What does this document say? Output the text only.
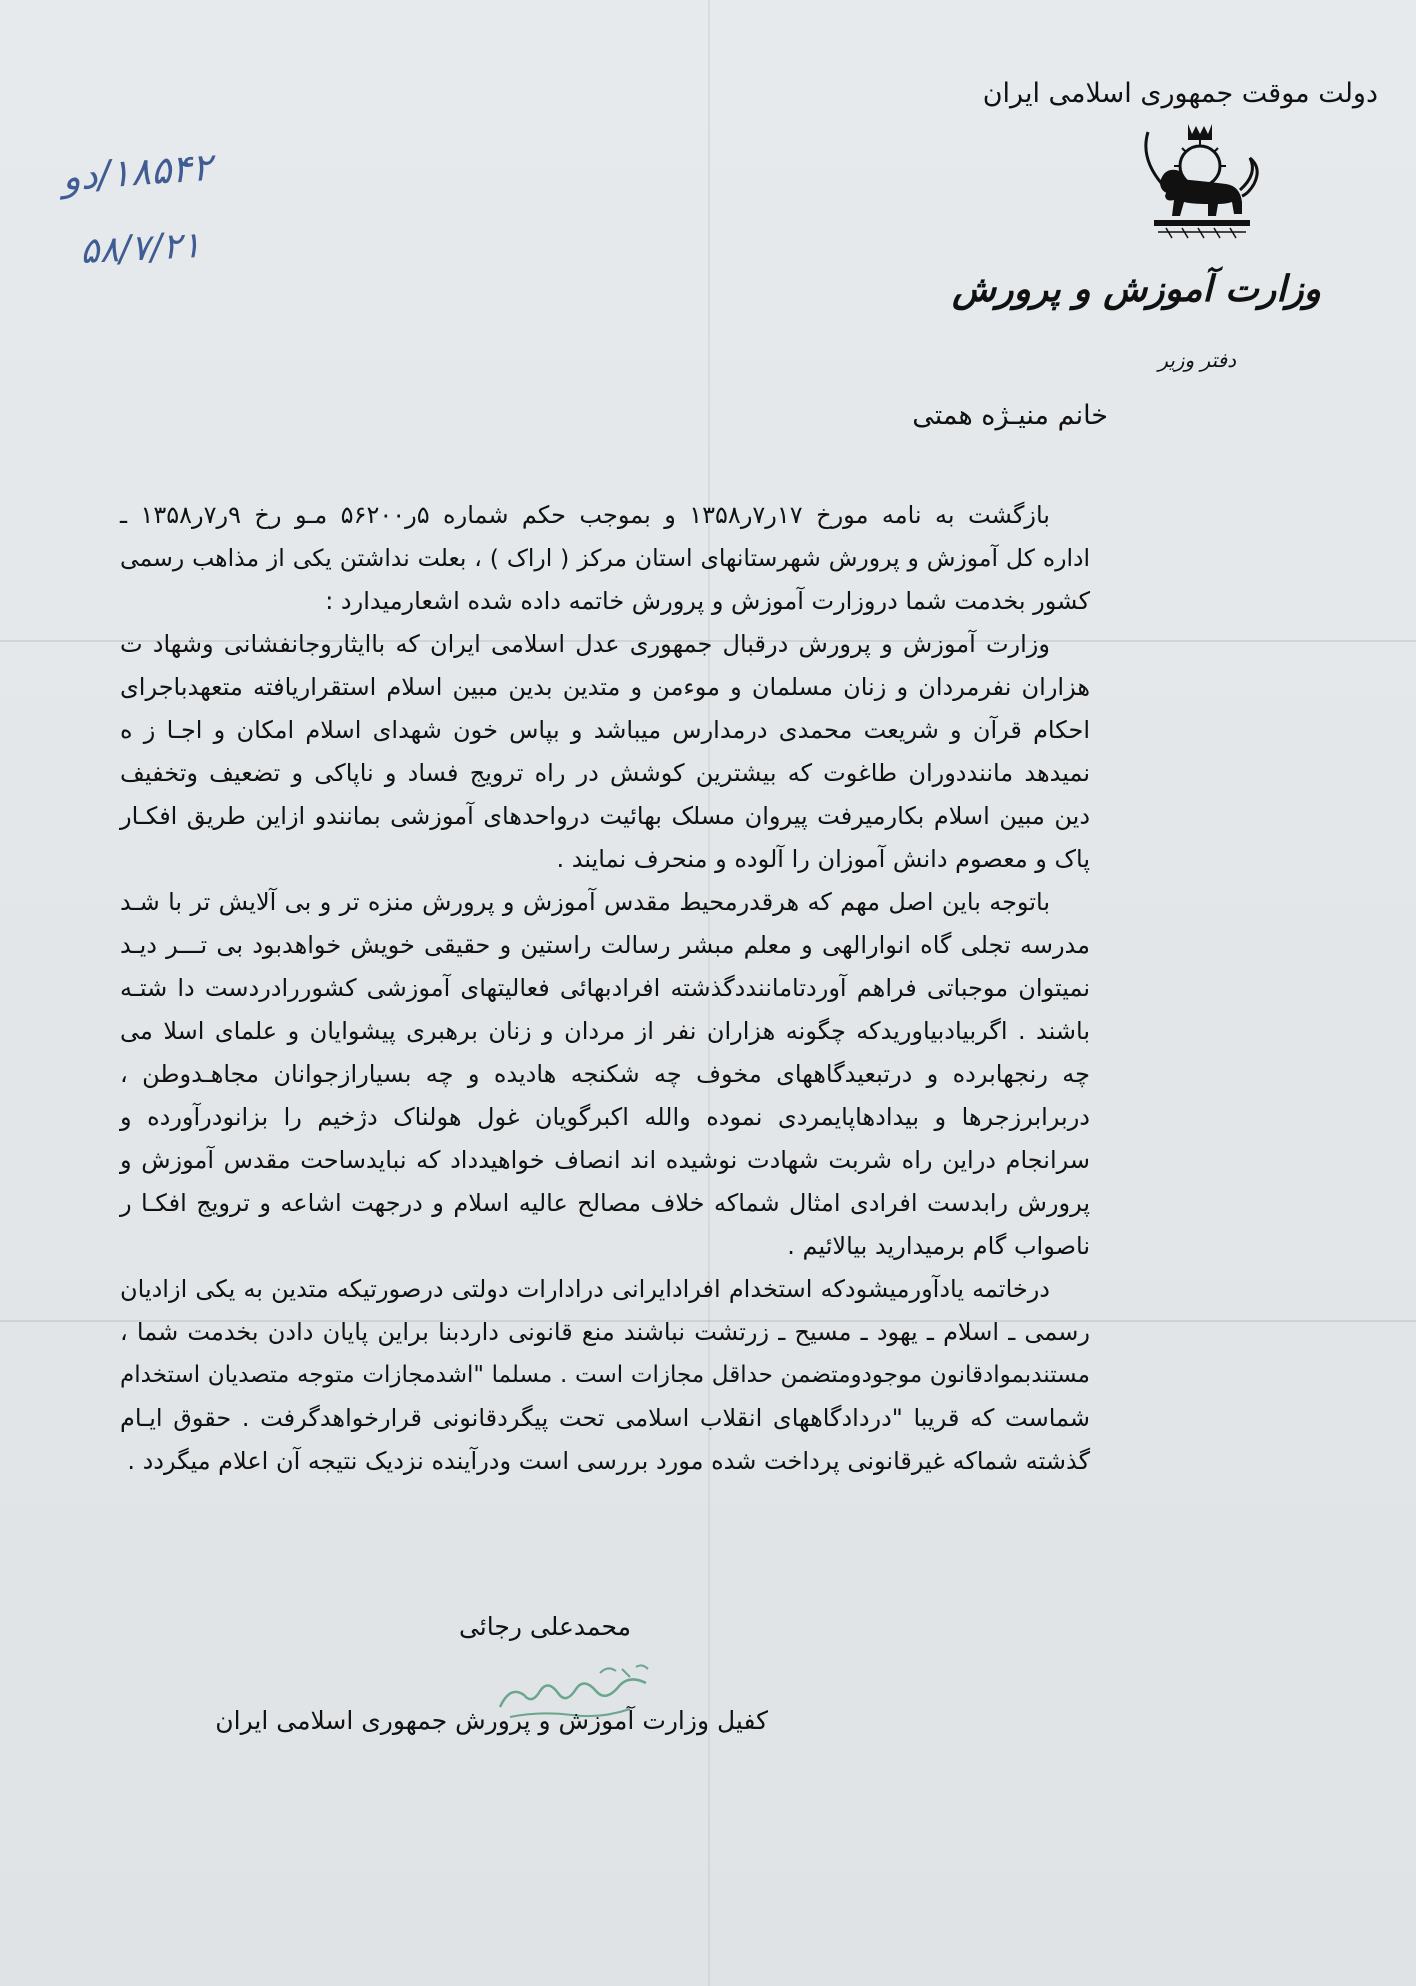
دولت موقت جمهوری اسلامی ایران
وزارت آموزش و پرورش
دفتر وزیر
۱۸۵۴۲/دو
۵۸/۷/۲۱
خانم منیـژه همتی
بازگشت به نامه مورخ ۱۷ر۷ر۱۳۵۸ و بموجب حکم شماره ۵ر۵۶۲۰۰ مـو رخ ۹ر۷ر۱۳۵۸ ـ
اداره کل آموزش و پرورش شهرستانهای استان مرکز ( اراک ) ، بعلت نداشتن یکی از مذاهب رسمی
کشور بخدمت شما دروزارت آموزش و پرورش خاتمه داده شده اشعارمیدارد :
وزارت آموزش و پرورش درقبال جمهوری عدل اسلامی ایران که باایثاروجانفشانی وشهاد ت
هزاران نفرمردان و زنان مسلمان و موءمن و متدین بدین مبین اسلام استقراریافته متعهدباجرای
احکام قرآن و شریعت محمدی درمدارس میباشد و بپاس خون شهدای اسلام امکان و اجـا ز ه
نمیدهد ماننددوران طاغوت که بیشترین کوشش در راه ترویج فساد و ناپاکی و تضعیف وتخفیف
دین مبین اسلام بکارمیرفت پیروان مسلک بهائیت درواحدهای آموزشی بمانندو ازاین طریق افکـار
پاک و معصوم دانش آموزان را آلوده و منحرف نمایند .
باتوجه باین اصل مهم که هرقدرمحیط مقدس آموزش و پرورش منزه تر و بی آلایش تر با شـد
مدرسه تجلی گاه انوارالهی و معلم مبشر رسالت راستین و حقیقی خویش خواهدبود بی تـــر دیـد
نمیتوان موجباتی فراهم آوردتاماننددگذشته افرادبهائی فعالیتهای آموزشی کشوررادردست دا شتـه
باشند . اگربیادبیاوریدکه چگونه هزاران نفر از مردان و زنان برهبری پیشوایان و علمای اسلا می
چه رنجهابرده و درتبعیدگاههای مخوف چه شکنجه هادیده و چه بسیارازجوانان مجاهـدوطن ،
دربرابرزجرها و بیدادهاپایمردی نموده والله اکبرگویان غول هولناک دژخیم را بزانودرآورده و
سرانجام دراین راه شربت شهادت نوشیده اند انصاف خواهیدداد که نبایدساحت مقدس آموزش و
پرورش رابدست افرادی امثال شماکه خلاف مصالح عالیه اسلام و درجهت اشاعه و ترویج افکـا ر
ناصواب گام برمیدارید بیالائیم .
درخاتمه یادآورمیشودکه استخدام افرادایرانی درادارات دولتی درصورتیکه متدین به یکی ازادیان
رسمی ـ اسلام ـ یهود ـ مسیح ـ زرتشت نباشند منع قانونی داردبنا براین پایان دادن بخدمت شما ،
مستندبموادقانون موجودومتضمن حداقل مجازات است . مسلما "اشدمجازات متوجه متصدیان استخدام
شماست که قریبا "دردادگاههای انقلاب اسلامی تحت پیگردقانونی قرارخواهدگرفت . حقوق ایـام
گذشته شماکه غیرقانونی پرداخت شده مورد بررسی است ودرآینده نزدیک نتیجه آن اعلام میگردد .
محمدعلی رجائی
کفیل وزارت آموزش و پرورش جمهوری اسلامی ایران
